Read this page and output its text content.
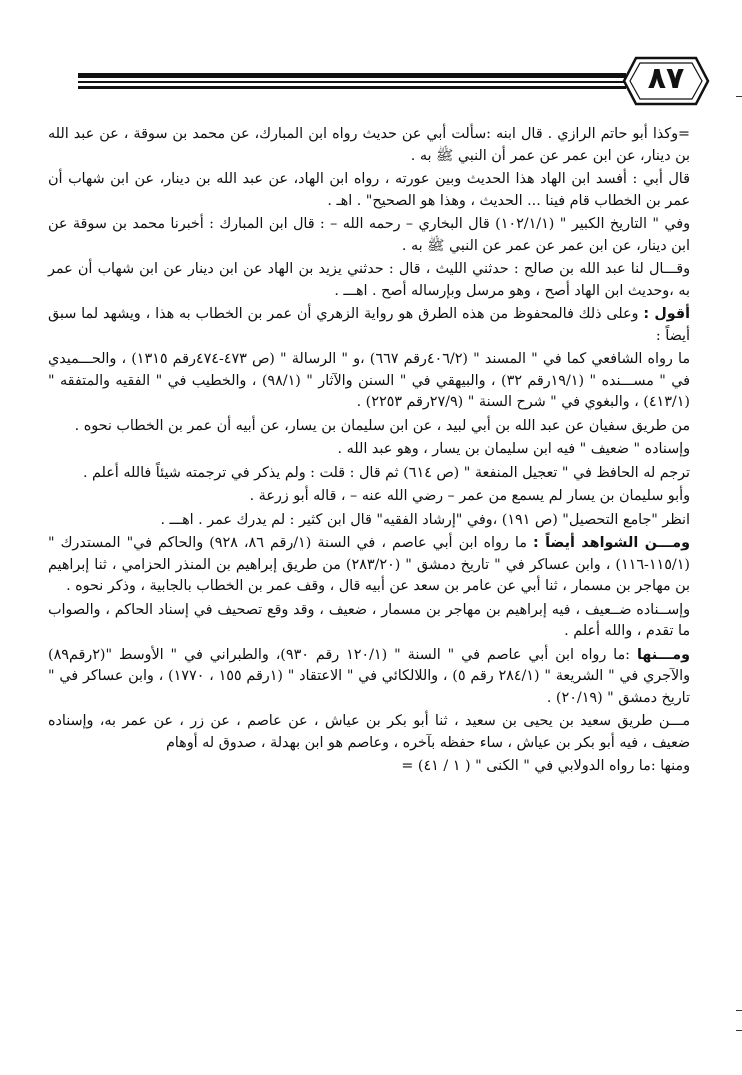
٨٧

=وكذا أبو حاتم الرازي . قال ابنه :سألت أبي عن حديث رواه ابن المبارك، عن محمد بن سوقة ، عن عبد الله بن دينار، عن ابن عمر عن عمر أن النبي ﷺ به .

قال أبي : أفسد ابن الهاد هذا الحديث وبين عورته ، رواه ابن الهاد، عن عبد الله بن دينار، عن ابن شهاب أن عمر بن الخطاب قام فينا ... الحديث ، وهذا هو الصحيح" . اهـ .

وفي " التاريخ الكبير " (١٠٢/١/١) قال البخاري – رحمه الله – : قال ابن المبارك : أخبرنا محمد بن سوقة عن ابن دينار، عن ابن عمر عن عمر عن النبي ﷺ به .

وقـــال لنا عبد الله بن صالح : حدثني الليث ، قال : حدثني يزيد بن الهاد عن ابن دينار عن ابن شهاب أن عمر به ،وحديث ابن الهاد أصح ، وهو مرسل وبإرساله أصح . اهـــ .

أقول : وعلى ذلك فالمحفوظ من هذه الطرق هو رواية الزهري أن عمر بن الخطاب به هذا ، ويشهد لما سبق أيضاً :

ما رواه الشافعي كما في " المسند " (٤٠٦/٢رقم ٦٦٧) ،و " الرسالة " (ص ٤٧٣-٤٧٤رقم ١٣١٥) ، والحـــميدي في " مســـنده " (١٩/١رقم ٣٢) ، والبيهقي في " السنن والآثار " (٩٨/١) ، والخطيب في " الفقيه والمتفقه " (٤١٣/١) ، والبغوي في " شرح السنة " (٢٧/٩رقم ٢٢٥٣) .

من طريق سفيان عن عبد الله بن أبي لبيد ، عن ابن سليمان بن يسار، عن أبيه أن عمر بن الخطاب نحوه .

وإسناده " ضعيف " فيه ابن سليمان بن يسار ، وهو عبد الله .

ترجم له الحافظ في " تعجيل المنفعة " (ص ٦١٤) ثم قال : قلت : ولم يذكر في ترجمته شيئاً فالله أعلم .

وأبو سليمان بن يسار لم يسمع من عمر – رضي الله عنه – ، قاله أبو زرعة .

انظر "جامع التحصيل" (ص ١٩١) ،وفي "إرشاد الفقيه" قال ابن كثير : لم يدرك عمر . اهـــ .

ومـــن الشواهد أيضاً : ما رواه ابن أبي عاصم ، في السنة (١/رقم ٨٦، ٩٢٨) والحاكم في" المستدرك " (١١٥/١-١١٦) ، وابن عساكر في " تاريخ دمشق " (٢٨٣/٢٠) من طريق إبراهيم بن المنذر الحزامي ، ثنا إبراهيم بن مهاجر بن مسمار ، ثنا أبي عن عامر بن سعد عن أبيه قال ، وقف عمر بن الخطاب بالجابية ، وذكر نحوه .

وإســناده ضــعيف ، فيه إبراهيم بن مهاجر بن مسمار ، ضعيف ، وقد وقع تصحيف في إسناد الحاكم ، والصواب ما تقدم ، والله أعلم .

ومـــنها :ما رواه ابن أبي عاصم في " السنة " (١٢٠/١ رقم ٩٣٠)، والطبراني في " الأوسط "(٢رقم٨٩) والآجري في " الشريعة " (٢٨٤/١ رقم ٥) ، واللالكائي في " الاعتقاد " (١رقم ١٥٥ ، ١٧٧٠) ، وابن عساكر في " تاريخ دمشق " (٢٠/١٩) .

مـــن طريق سعيد بن يحيى بن سعيد ، ثنا أبو بكر بن عياش ، عن عاصم ، عن زر ، عن عمر به، وإسناده ضعيف ، فيه أبو بكر بن عياش ، ساء حفظه بآخره ، وعاصم هو ابن بهدلة ، صدوق له أوهام

ومنها :ما رواه الدولابي في " الكنى " ( ١ / ٤١) =
